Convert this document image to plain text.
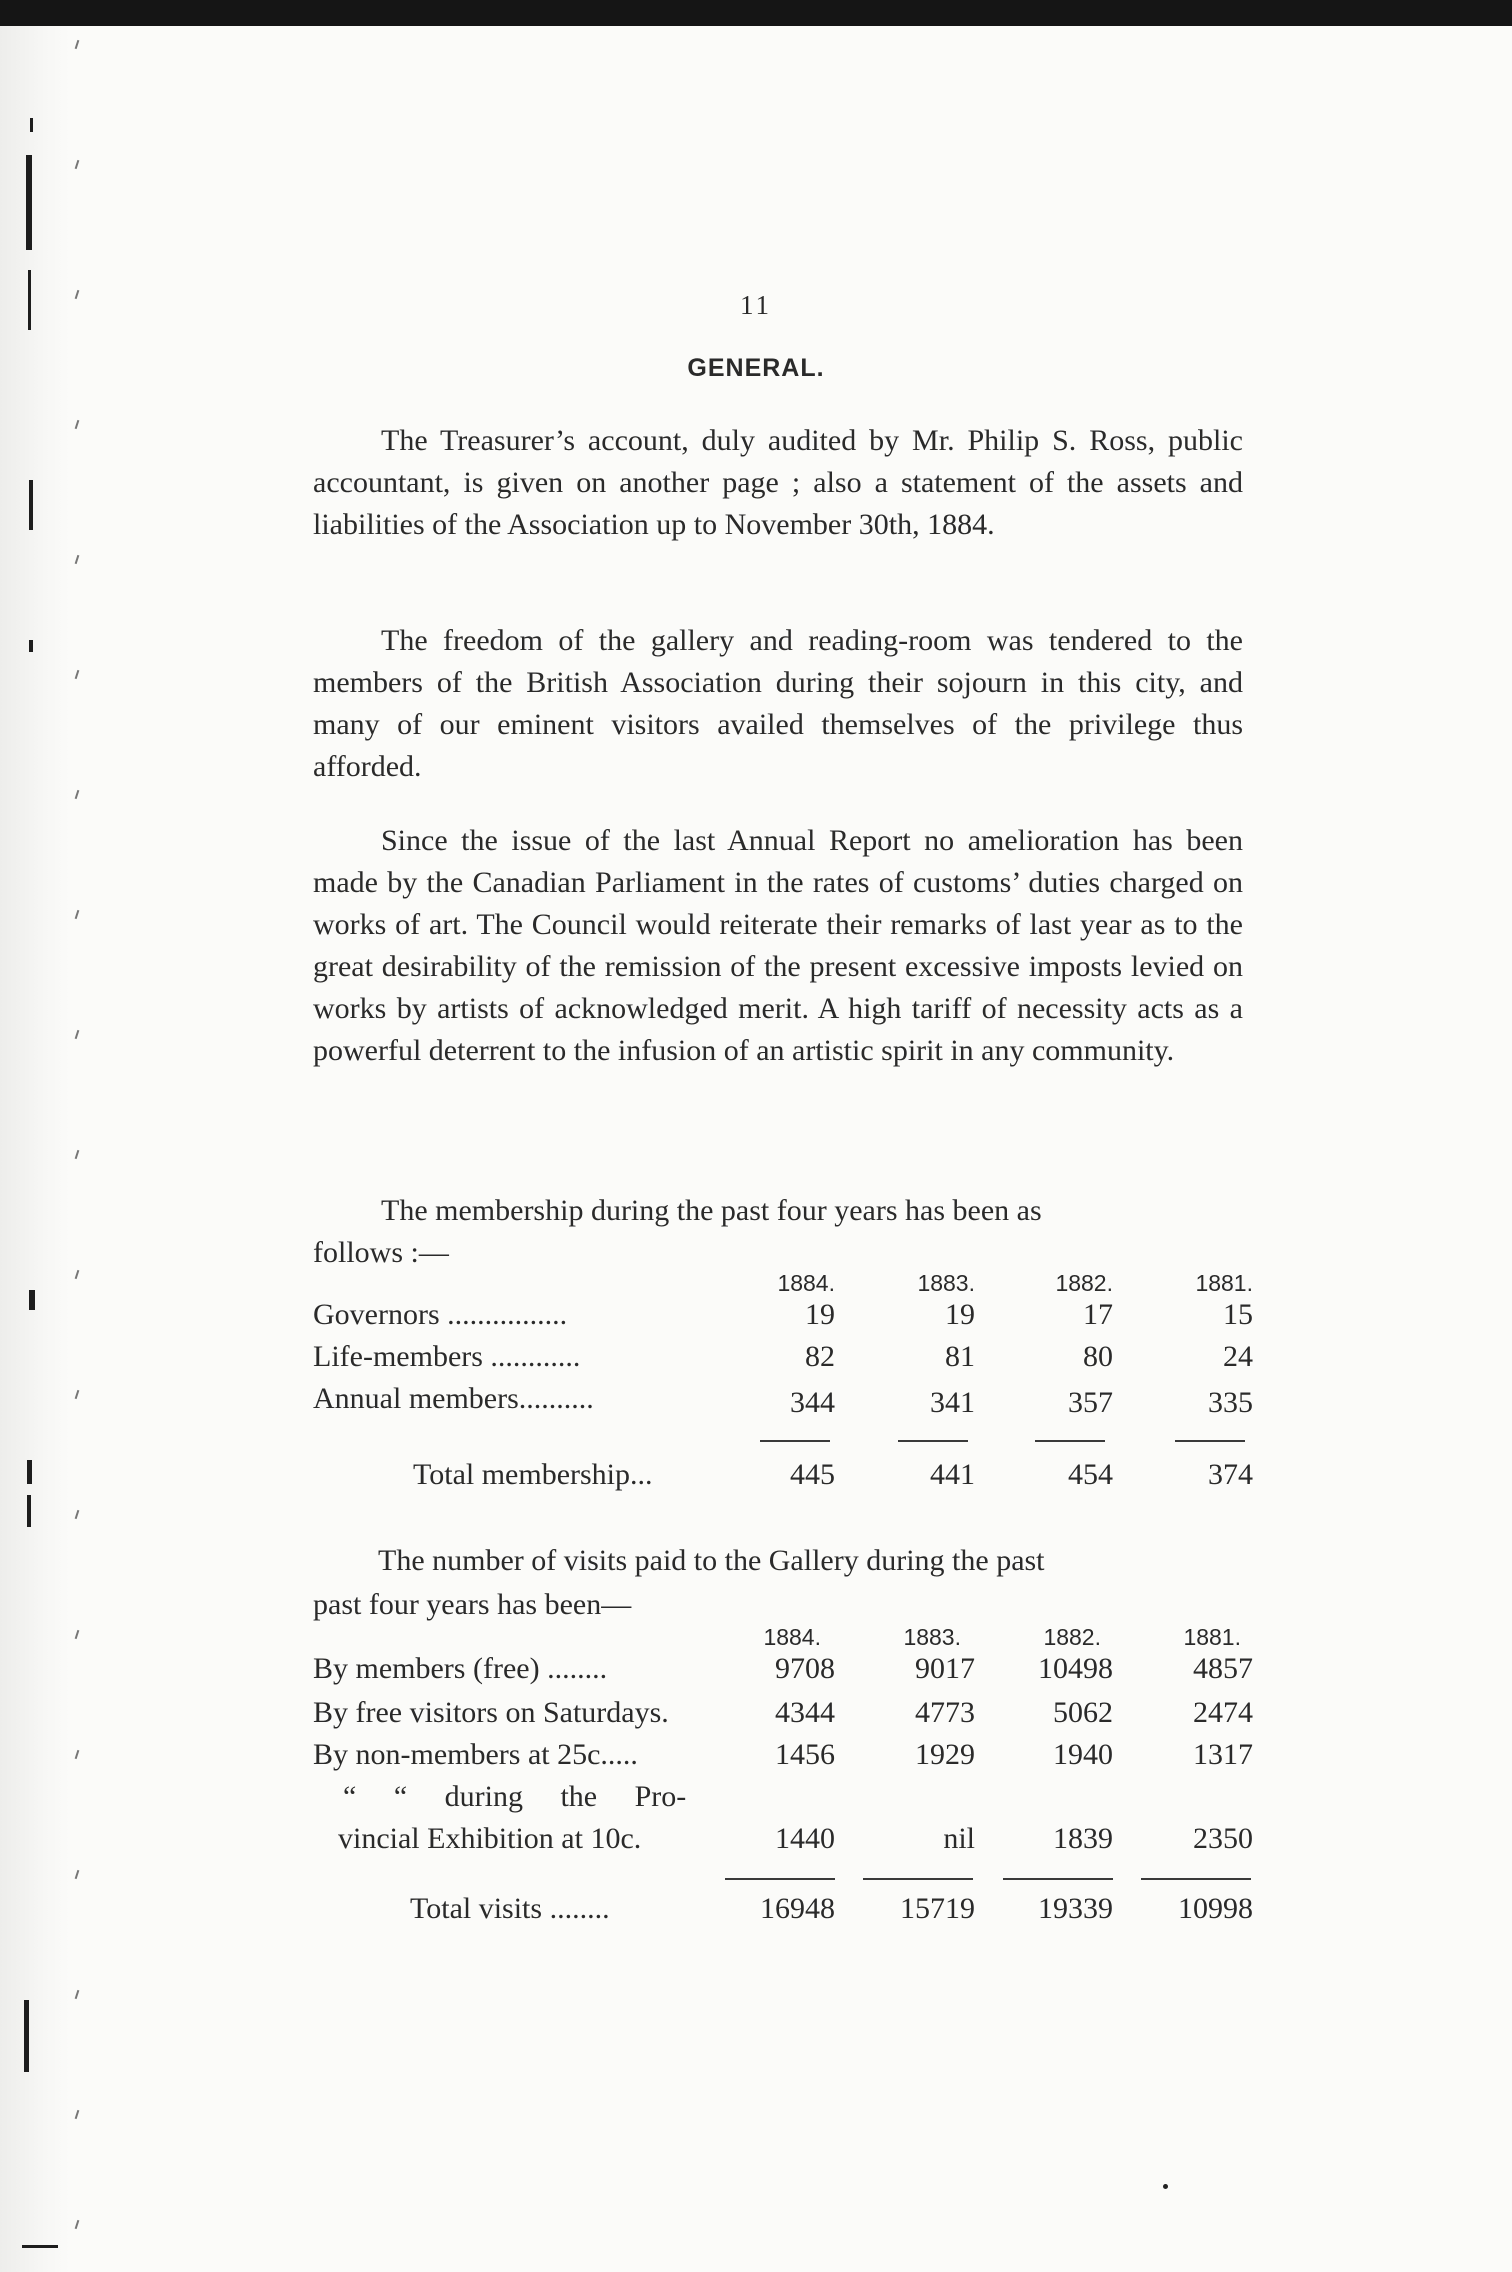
11
GENERAL.
The Treasurer’s account, duly audited by Mr. Philip S. Ross, public accountant, is given on another page ; also a statement of the assets and liabilities of the Association up to November 30th, 1884.
The freedom of the gallery and reading-room was tendered to the members of the British Association during their sojourn in this city, and many of our eminent visitors availed themselves of the privilege thus afforded.
Since the issue of the last Annual Report no amelioration has been made by the Canadian Parliament in the rates of customs’ duties charged on works of art. The Council would reiterate their remarks of last year as to the great desirability of the remission of the present excessive imposts levied on works by artists of acknowledged merit. A high tariff of necessity acts as a powerful deterrent to the infusion of an artistic spirit in any community.
The membership during the past four years has been as
follows :—
1884.	1883.	1882.	1881.
Governors ................	19	19	17	15
Life-members ............	82	81	80	24
Annual members..........	344	341	357	335
Total membership...	445	441	454	374
The number of visits paid to the Gallery during the past
past four years has been—
1884.	1883.	1882.	1881.
By members (free) ........	9708	9017	10498	4857
By free visitors on Saturdays.	4344	4773	5062	2474
By non-members at 25c.....	1456	1929	1940	1317
“ “ during the Pro-
vincial Exhibition at 10c.	1440	nil	1839	2350
Total visits ........	16948	15719	19339	10998
